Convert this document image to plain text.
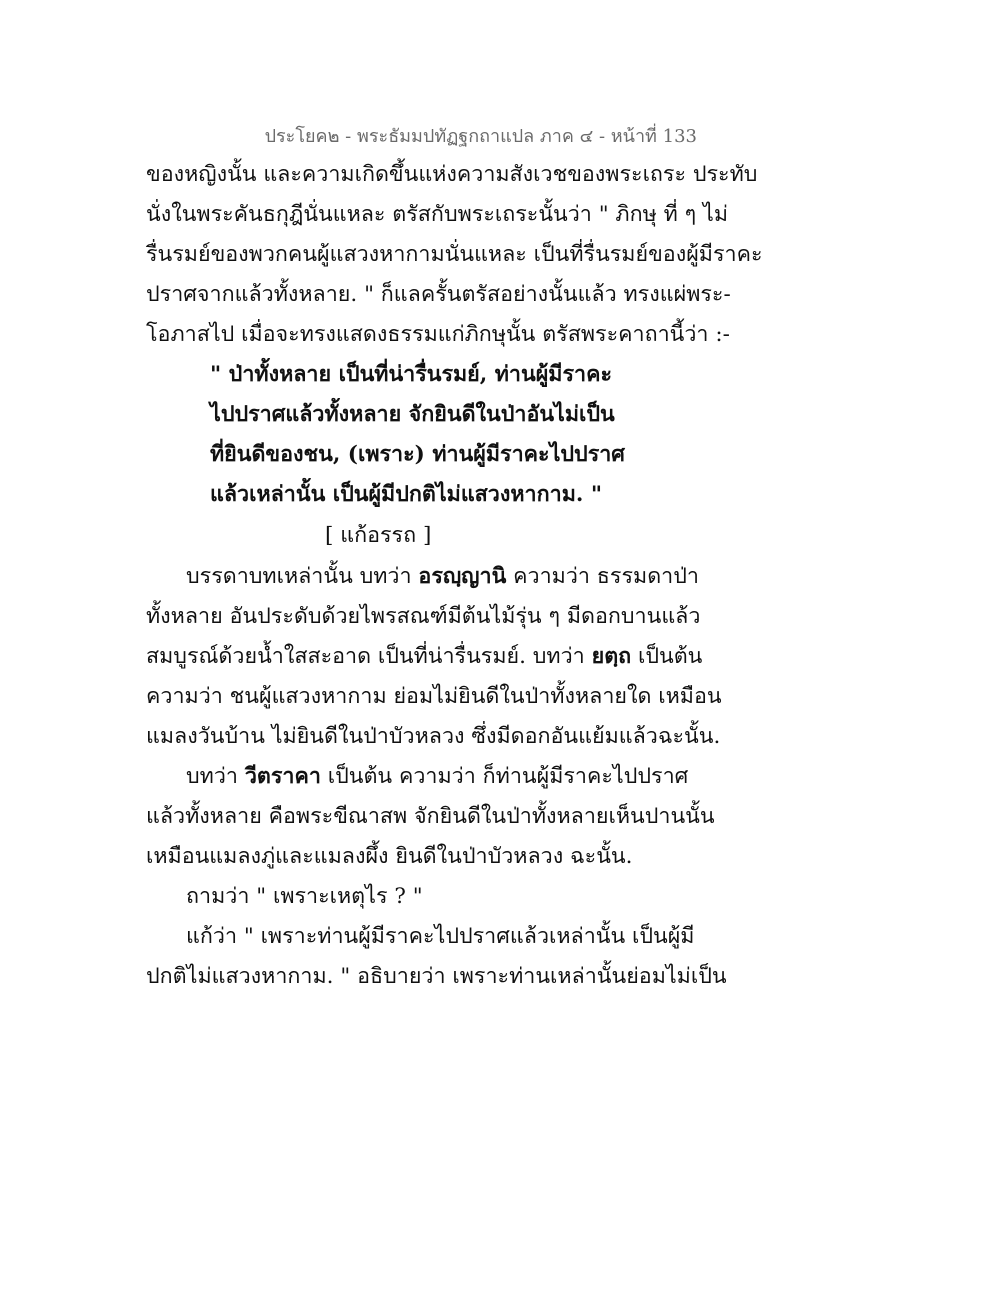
ประโยค๒ - พระธัมมปทัฏฐกถาแปล ภาค ๔ - หน้าที่ 133
ของหญิงนั้น และความเกิดขึ้นแห่งความสังเวชของพระเถระ ประทับ
นั่งในพระคันธกุฎีนั่นแหละ ตรัสกับพระเถระนั้นว่า " ภิกษุ ที่ ๆ ไม่
รื่นรมย์ของพวกคนผู้แสวงหากามนั่นแหละ เป็นที่รื่นรมย์ของผู้มีราคะ
ปราศจากแล้วทั้งหลาย. " ก็แลครั้นตรัสอย่างนั้นแล้ว ทรงแผ่พระ-
โอภาสไป เมื่อจะทรงแสดงธรรมแก่ภิกษุนั้น ตรัสพระคาถานี้ว่า :-
" ป่าทั้งหลาย เป็นที่น่ารื่นรมย์, ท่านผู้มีราคะ
ไปปราศแล้วทั้งหลาย จักยินดีในป่าอันไม่เป็น
ที่ยินดีของชน, (เพราะ) ท่านผู้มีราคะไปปราศ
แล้วเหล่านั้น เป็นผู้มีปกติไม่แสวงหากาม. "
[ แก้อรรถ ]
บรรดาบทเหล่านั้น บทว่า อรญฺญานิ ความว่า ธรรมดาป่า
ทั้งหลาย อันประดับด้วยไพรสณฑ์มีต้นไม้รุ่น ๆ มีดอกบานแล้ว
สมบูรณ์ด้วยน้ำใสสะอาด เป็นที่น่ารื่นรมย์. บทว่า ยตฺถ เป็นต้น
ความว่า ชนผู้แสวงหากาม ย่อมไม่ยินดีในป่าทั้งหลายใด เหมือน
แมลงวันบ้าน ไม่ยินดีในป่าบัวหลวง ซึ่งมีดอกอันแย้มแล้วฉะนั้น.
บทว่า วีตราคา เป็นต้น ความว่า ก็ท่านผู้มีราคะไปปราศ
แล้วทั้งหลาย คือพระขีณาสพ จักยินดีในป่าทั้งหลายเห็นปานนั้น
เหมือนแมลงภู่และแมลงผึ้ง ยินดีในป่าบัวหลวง ฉะนั้น.
ถามว่า " เพราะเหตุไร ? "
แก้ว่า " เพราะท่านผู้มีราคะไปปราศแล้วเหล่านั้น เป็นผู้มี
ปกติไม่แสวงหากาม. " อธิบายว่า เพราะท่านเหล่านั้นย่อมไม่เป็น
